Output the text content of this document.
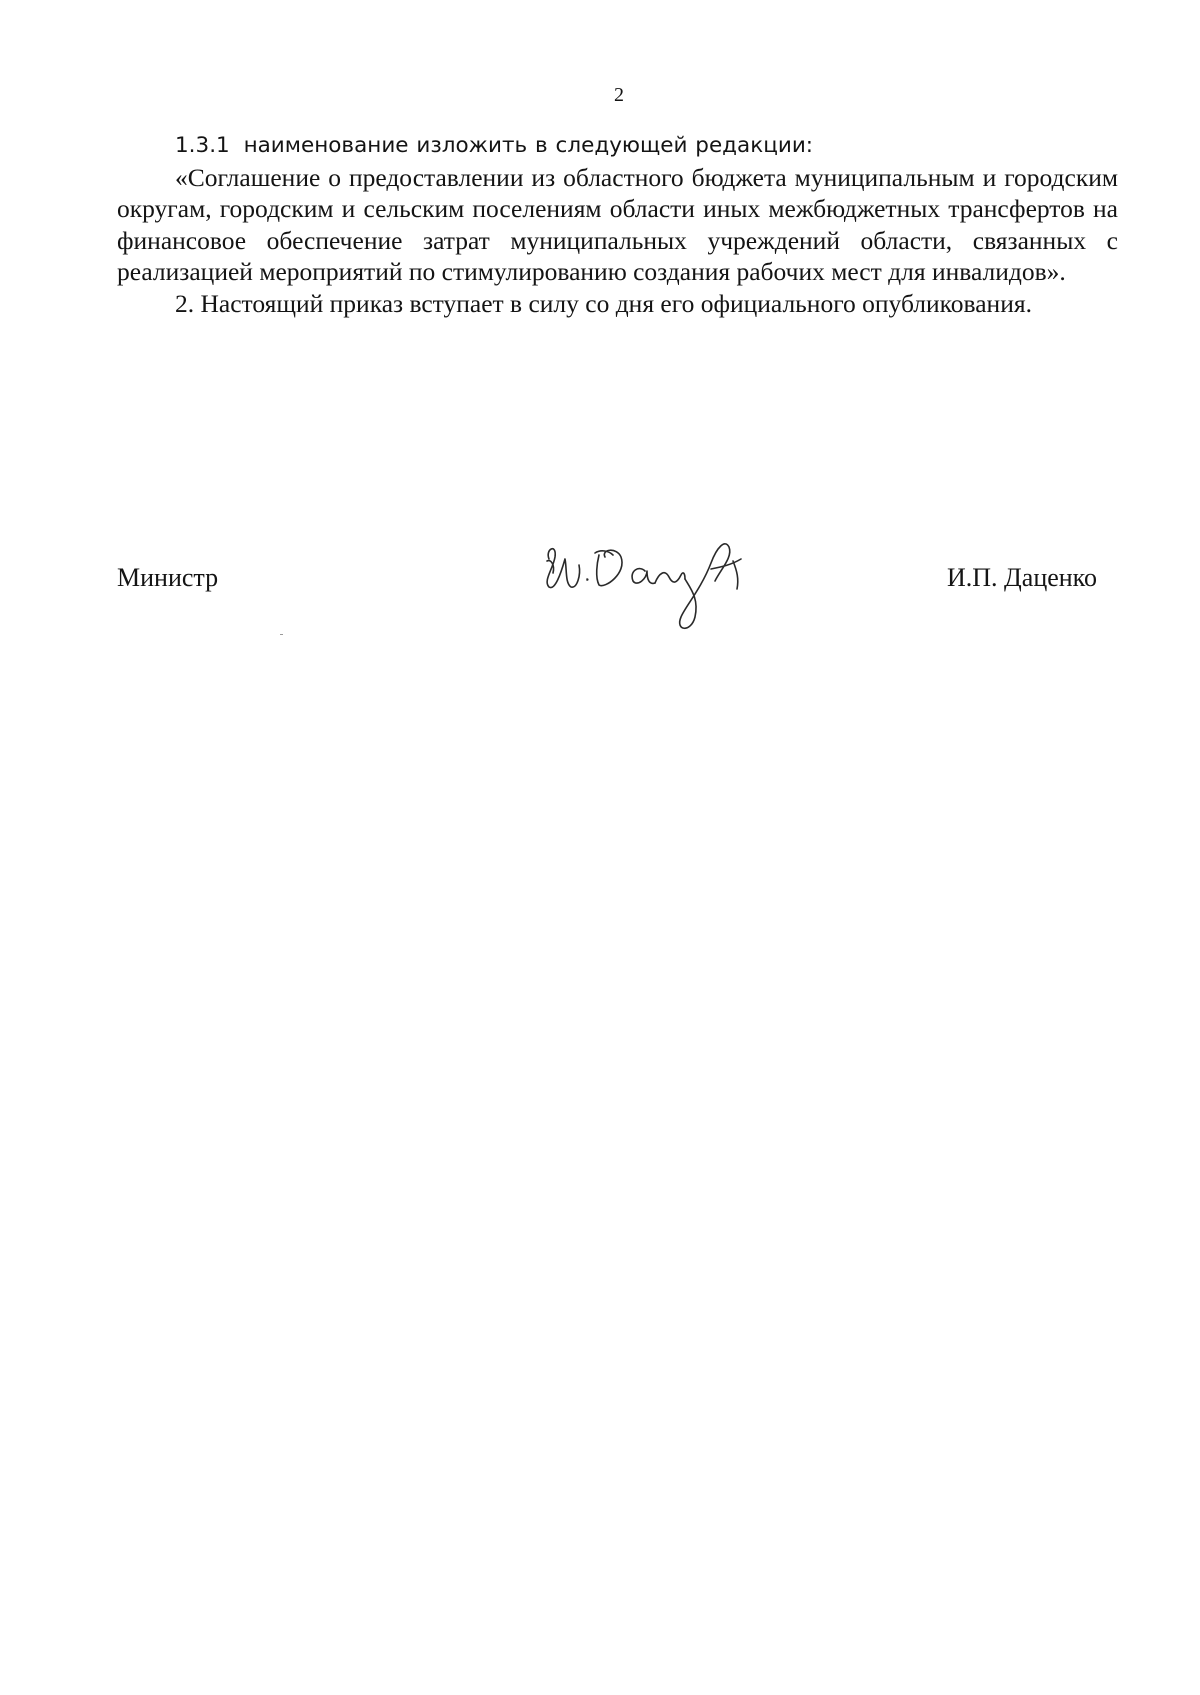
2

1.3.1 наименование изложить в следующей редакции:

«Соглашение о предоставлении из областного бюджета муниципальным и городским округам, городским и сельским поселениям области иных межбюджетных трансфертов на финансовое обеспечение затрат муниципальных учреждений области, связанных с реализацией мероприятий по стимулированию создания рабочих мест для инвалидов».

2. Настоящий приказ вступает в силу со дня его официального опубликования.

Министр	И.П. Даценко
